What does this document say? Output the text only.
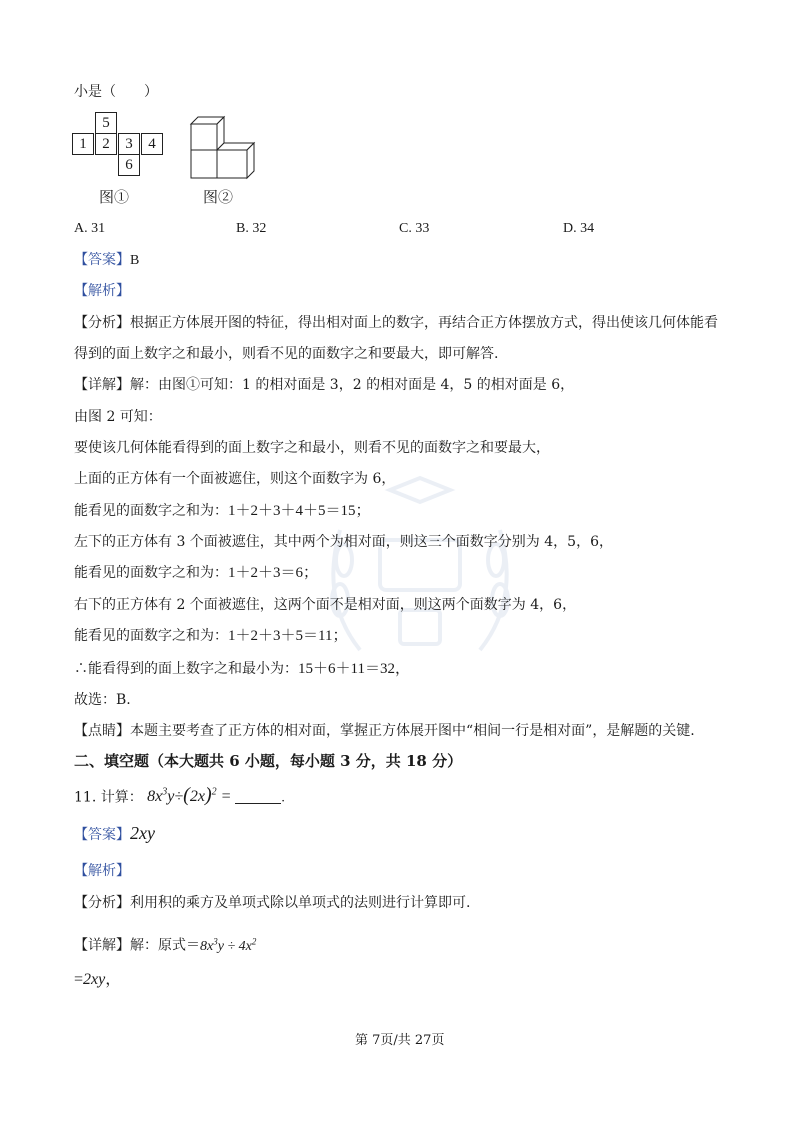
小是（　　）
5
1	2	3	4
6
图①	图②
A. 31	B. 32	C. 33	D. 34
【答案】B
【解析】
【分析】根据正方体展开图的特征，得出相对面上的数字，再结合正方体摆放方式，得出使该几何体能看
得到的面上数字之和最小，则看不见的面数字之和要最大，即可解答.
【详解】解：由图①可知：1 的相对面是 3，2 的相对面是 4，5 的相对面是 6，
由图 2 可知：
要使该几何体能看得到的面上数字之和最小，则看不见的面数字之和要最大，
上面的正方体有一个面被遮住，则这个面数字为 6，
能看见的面数字之和为：1＋2＋3＋4＋5＝15；
左下的正方体有 3 个面被遮住，其中两个为相对面，则这三个面数字分别为 4，5，6，
能看见的面数字之和为：1＋2＋3＝6；
右下的正方体有 2 个面被遮住，这两个面不是相对面，则这两个面数字为 4，6，
能看见的面数字之和为：1＋2＋3＋5＝11；
∴能看得到的面上数字之和最小为：15＋6＋11＝32，
故选：B.
【点睛】本题主要考查了正方体的相对面，掌握正方体展开图中“相间一行是相对面”，是解题的关键.
二、填空题（本大题共 6 小题，每小题 3 分，共 18 分）
11. 计算： $8x^3y\div(2x)^2$ =	.
【答案】2xy
【解析】
【分析】利用积的乘方及单项式除以单项式的法则进行计算即可.
【详解】解：原式$=8x^3y \div 4x^2$
=2xy，
第 7页/共 27页
